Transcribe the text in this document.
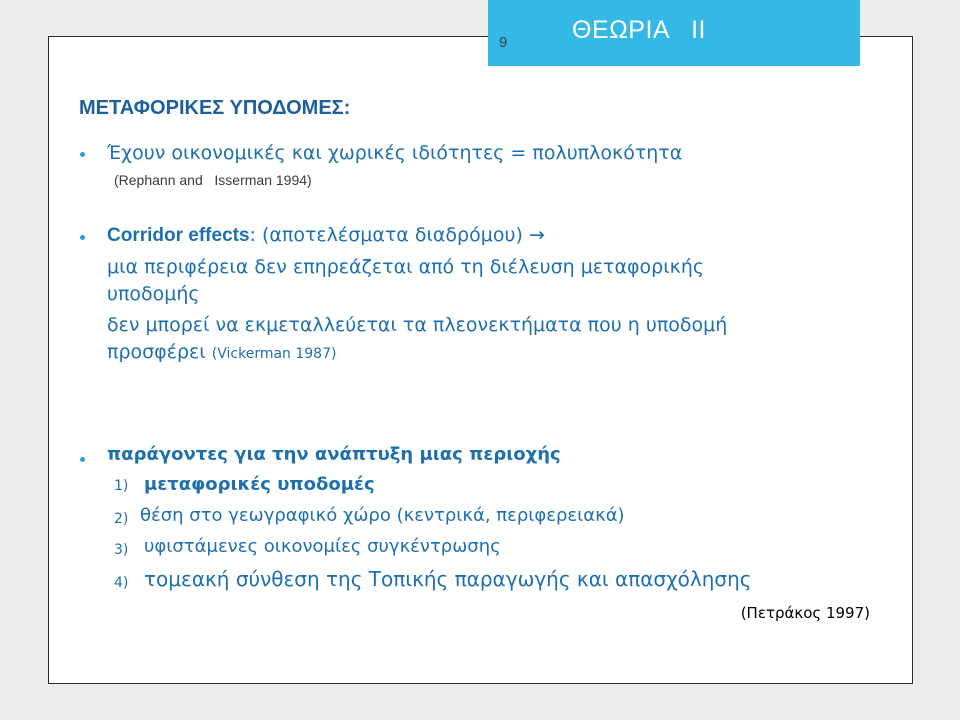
9	ΘΕΩΡΙΑ   ΙΙ
ΜΕΤΑΦΟΡΙΚΕΣ ΥΠΟΔΟΜΕΣ:
Έχουν οικονομικές και χωρικές ιδιότητες = πολυπλοκότητα
(Rephann and   Isserman 1994)
Corridor effects: (αποτελέσματα διαδρόμου) →
μια περιφέρεια δεν επηρεάζεται από τη διέλευση μεταφορικής
υποδομής
δεν μπορεί να εκμεταλλεύεται τα πλεονεκτήματα που η υποδομή
προσφέρει (Vickerman 1987)
παράγοντες για την ανάπτυξη μιας περιοχής
1) μεταφορικές υποδομές
2) θέση στο γεωγραφικό χώρο (κεντρικά, περιφερειακά)
3) υφιστάμενες οικονομίες συγκέντρωσης
4) τομεακή σύνθεση της Τοπικής παραγωγής και απασχόλησης
(Πετράκος 1997)
